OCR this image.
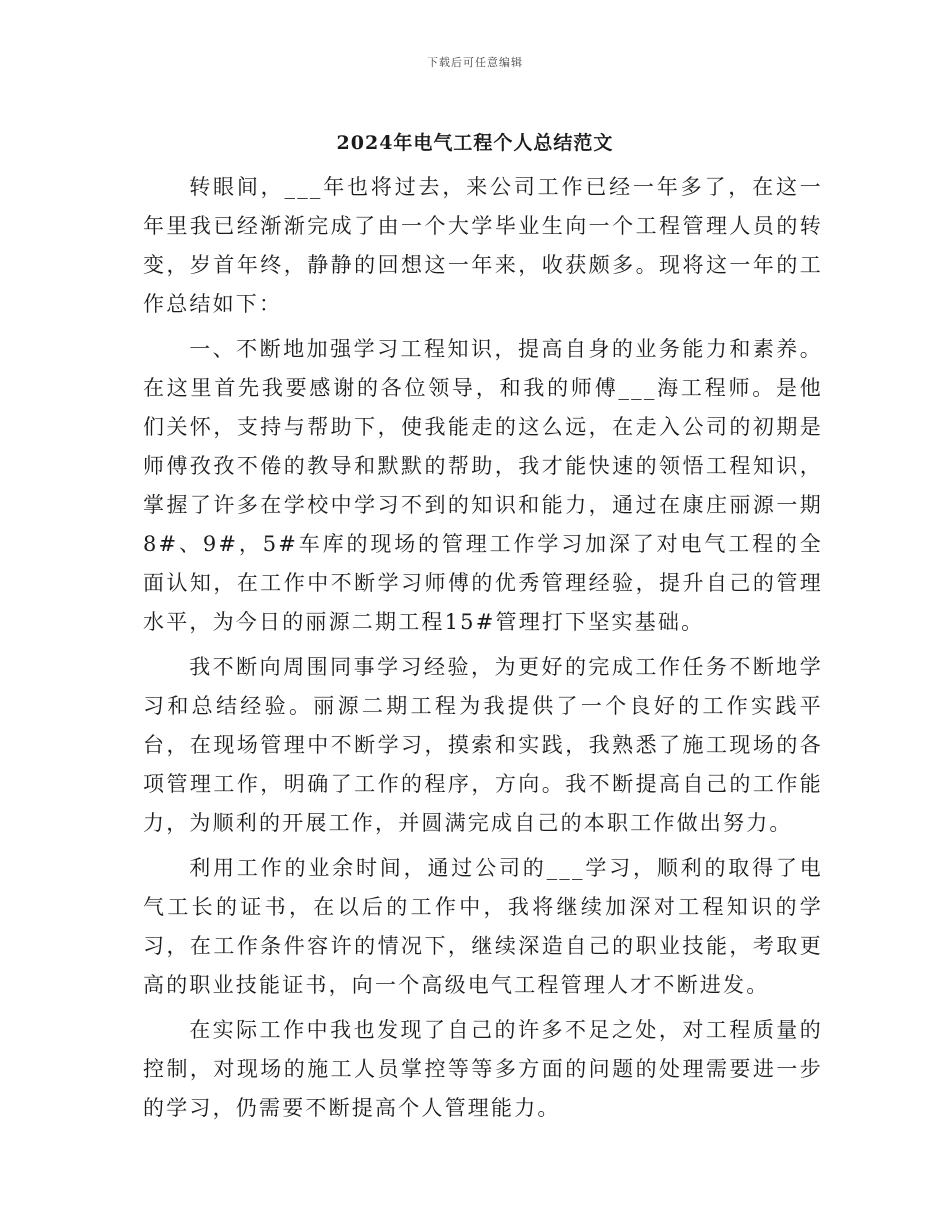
下载后可任意编辑
2024年电气工程个人总结范文

转眼间，___年也将过去，来公司工作已经一年多了，在这一年里我已经渐渐完成了由一个大学毕业生向一个工程管理人员的转变，岁首年终，静静的回想这一年来，收获颇多。现将这一年的工作总结如下：

一、不断地加强学习工程知识，提高自身的业务能力和素养。在这里首先我要感谢的各位领导，和我的师傅___海工程师。是他们关怀，支持与帮助下，使我能走的这么远，在走入公司的初期是师傅孜孜不倦的教导和默默的帮助，我才能快速的领悟工程知识，掌握了许多在学校中学习不到的知识和能力，通过在康庄丽源一期8#、9#，5#车库的现场的管理工作学习加深了对电气工程的全面认知，在工作中不断学习师傅的优秀管理经验，提升自己的管理水平，为今日的丽源二期工程15#管理打下坚实基础。

我不断向周围同事学习经验，为更好的完成工作任务不断地学习和总结经验。丽源二期工程为我提供了一个良好的工作实践平台，在现场管理中不断学习，摸索和实践，我熟悉了施工现场的各项管理工作，明确了工作的程序，方向。我不断提高自己的工作能力，为顺利的开展工作，并圆满完成自己的本职工作做出努力。

利用工作的业余时间，通过公司的___学习，顺利的取得了电气工长的证书，在以后的工作中，我将继续加深对工程知识的学习，在工作条件容许的情况下，继续深造自己的职业技能，考取更高的职业技能证书，向一个高级电气工程管理人才不断进发。

在实际工作中我也发现了自己的许多不足之处，对工程质量的控制，对现场的施工人员掌控等等多方面的问题的处理需要进一步的学习，仍需要不断提高个人管理能力。
